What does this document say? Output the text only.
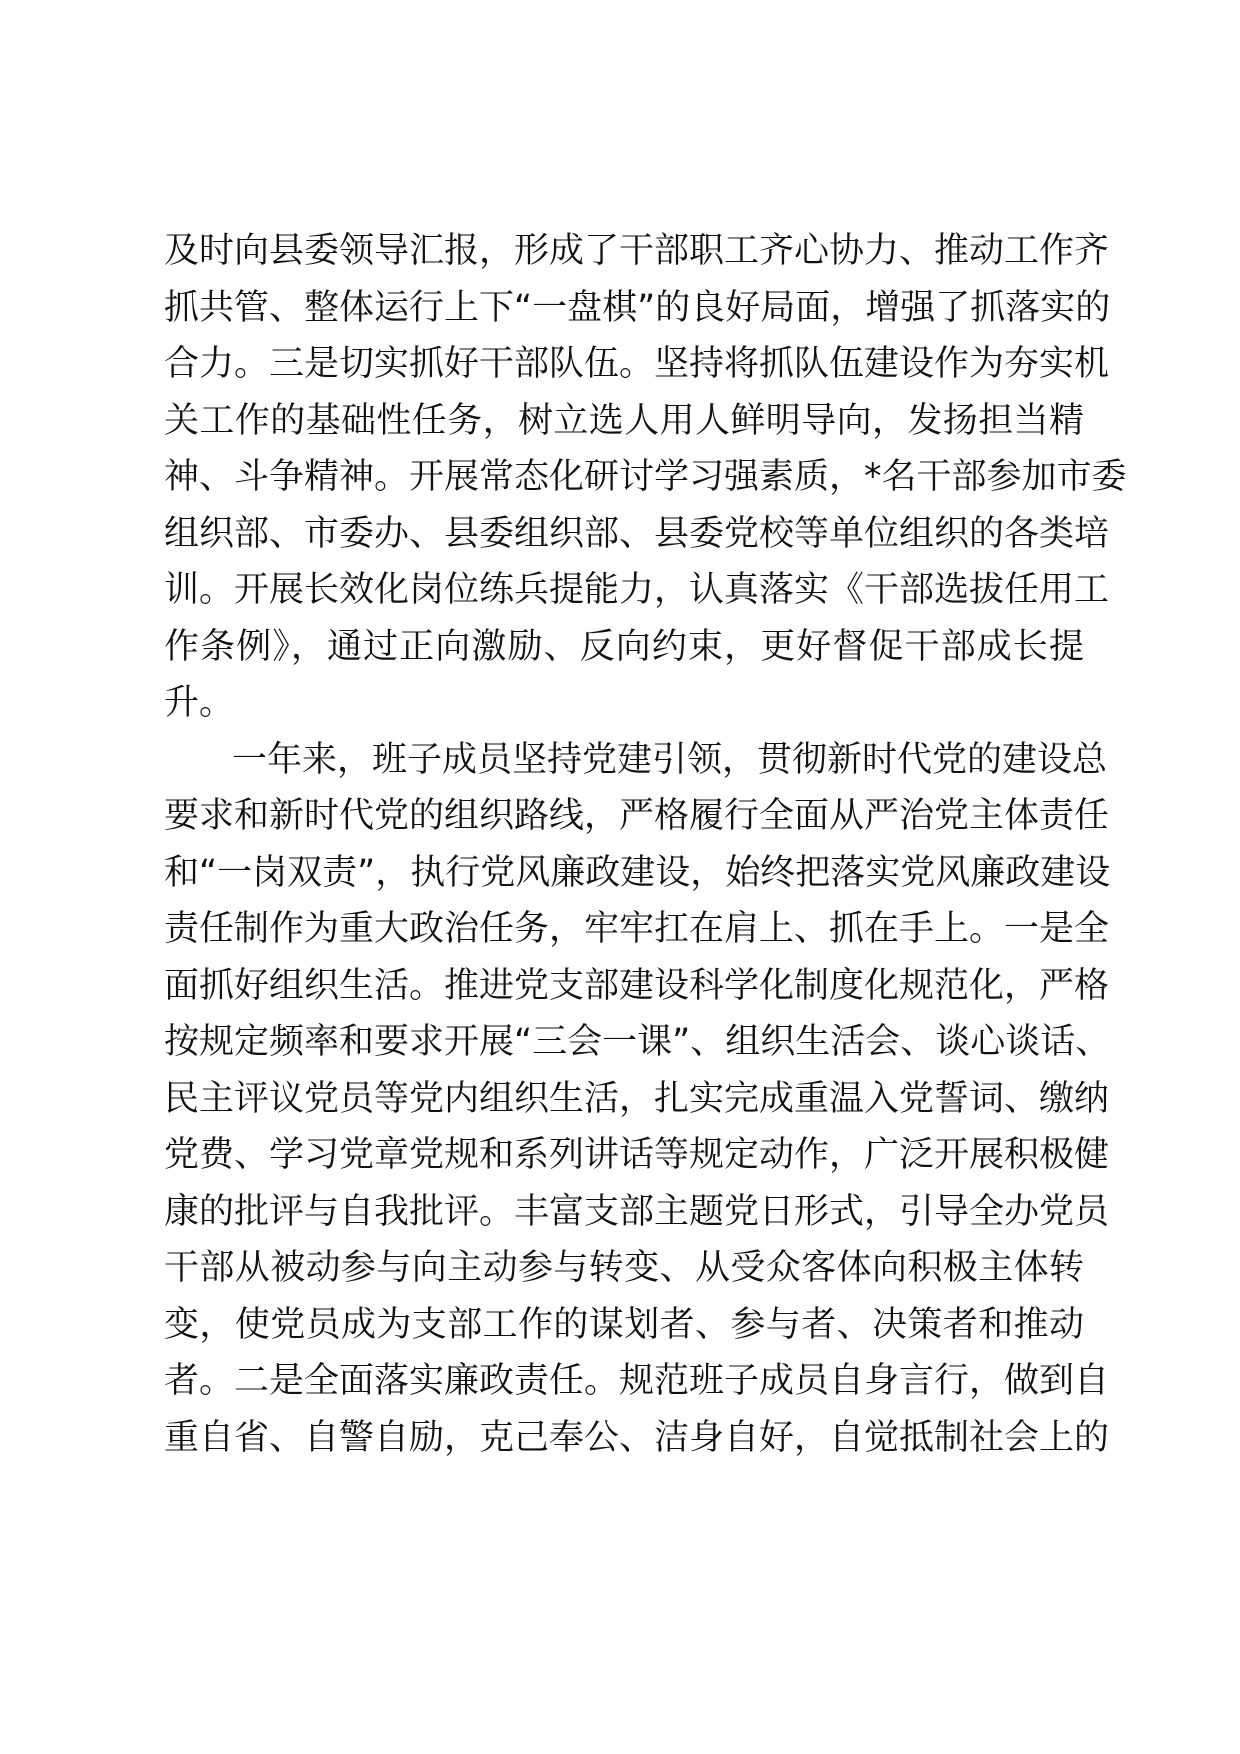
及时向县委领导汇报，形成了干部职工齐心协力、推动工作齐
抓共管、整体运行上下“一盘棋”的良好局面，增强了抓落实的
合力。三是切实抓好干部队伍。坚持将抓队伍建设作为夯实机
关工作的基础性任务，树立选人用人鲜明导向，发扬担当精
神、斗争精神。开展常态化研讨学习强素质，*名干部参加市委
组织部、市委办、县委组织部、县委党校等单位组织的各类培
训。开展长效化岗位练兵提能力，认真落实《干部选拔任用工
作条例》，通过正向激励、反向约束，更好督促干部成长提
升。
一年来，班子成员坚持党建引领，贯彻新时代党的建设总
要求和新时代党的组织路线，严格履行全面从严治党主体责任
和“一岗双责”，执行党风廉政建设，始终把落实党风廉政建设
责任制作为重大政治任务，牢牢扛在肩上、抓在手上。一是全
面抓好组织生活。推进党支部建设科学化制度化规范化，严格
按规定频率和要求开展“三会一课”、组织生活会、谈心谈话、
民主评议党员等党内组织生活，扎实完成重温入党誓词、缴纳
党费、学习党章党规和系列讲话等规定动作，广泛开展积极健
康的批评与自我批评。丰富支部主题党日形式，引导全办党员
干部从被动参与向主动参与转变、从受众客体向积极主体转
变，使党员成为支部工作的谋划者、参与者、决策者和推动
者。二是全面落实廉政责任。规范班子成员自身言行，做到自
重自省、自警自励，克己奉公、洁身自好，自觉抵制社会上的
